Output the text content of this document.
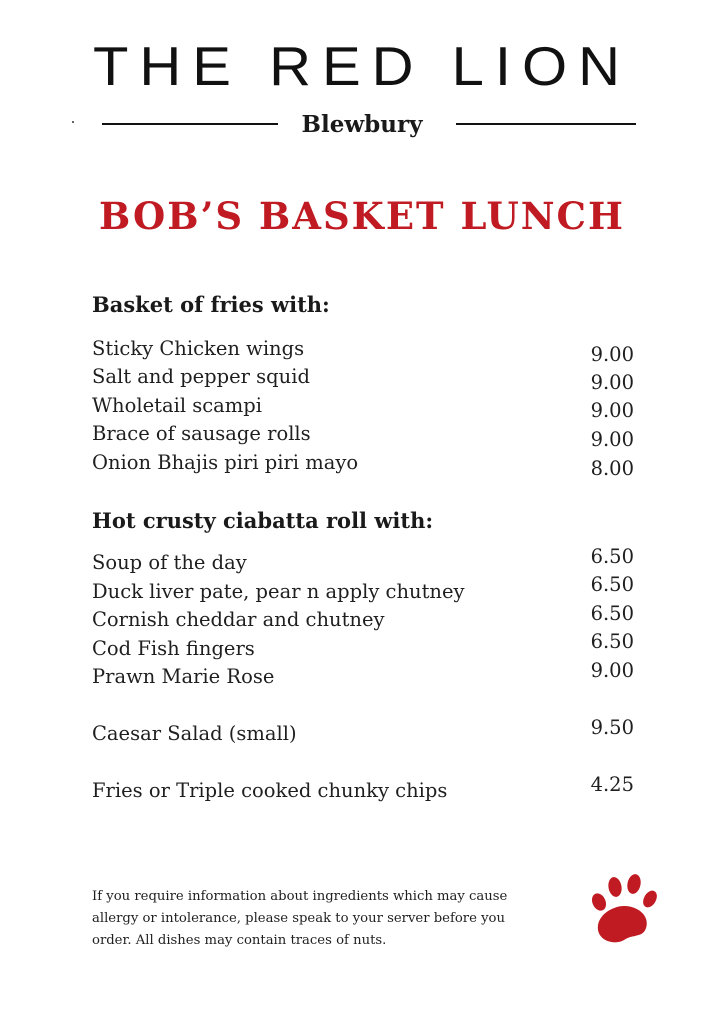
THE RED LION
Blewbury
BOB’S BASKET LUNCH
Basket of fries with:
Sticky Chicken wings	9.00
Salt and pepper squid	9.00
Wholetail scampi	9.00
Brace of sausage rolls	9.00
Onion Bhajis piri piri mayo	8.00
Hot crusty ciabatta roll with:
Soup of the day	6.50
Duck liver pate, pear n apply chutney	6.50
Cornish cheddar and chutney	6.50
Cod Fish fingers	6.50
Prawn Marie Rose	9.00
Caesar Salad (small)	9.50
Fries or Triple cooked chunky chips	4.25
If you require information about ingredients which may cause allergy or intolerance, please speak to your server before you order. All dishes may contain traces of nuts.
